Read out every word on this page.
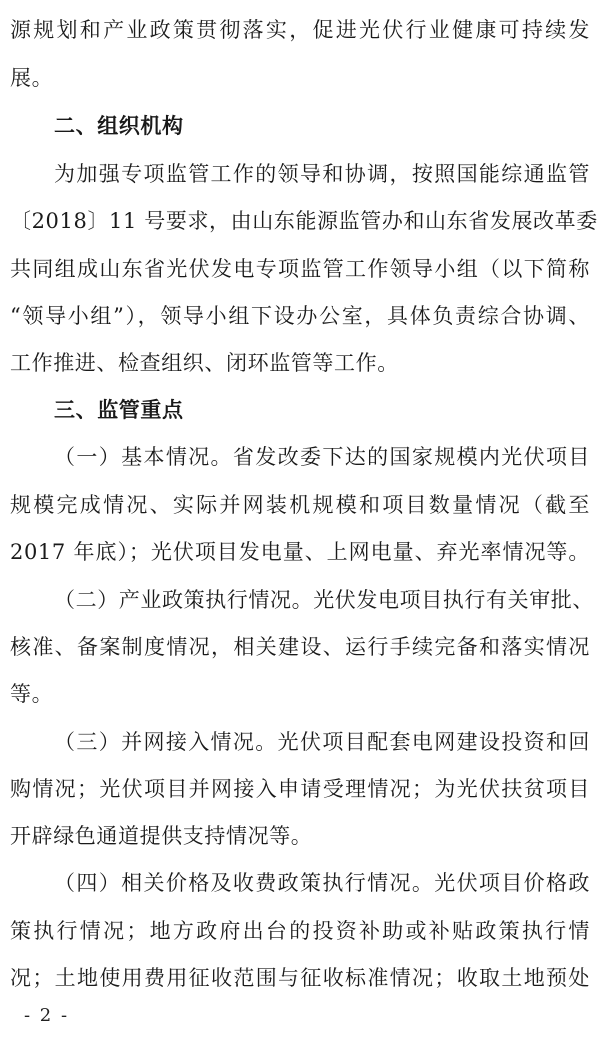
源规划和产业政策贯彻落实，促进光伏行业健康可持续发
展。
二、组织机构
为加强专项监管工作的领导和协调，按照国能综通监管
〔2018〕11 号要求，由山东能源监管办和山东省发展改革委
共同组成山东省光伏发电专项监管工作领导小组（以下简称
“领导小组”），领导小组下设办公室，具体负责综合协调、
工作推进、检查组织、闭环监管等工作。
三、监管重点
（一）基本情况。省发改委下达的国家规模内光伏项目
规模完成情况、实际并网装机规模和项目数量情况（截至
2017 年底）；光伏项目发电量、上网电量、弃光率情况等。
（二）产业政策执行情况。光伏发电项目执行有关审批、
核准、备案制度情况，相关建设、运行手续完备和落实情况
等。
（三）并网接入情况。光伏项目配套电网建设投资和回
购情况；光伏项目并网接入申请受理情况；为光伏扶贫项目
开辟绿色通道提供支持情况等。
（四）相关价格及收费政策执行情况。光伏项目价格政
策执行情况；地方政府出台的投资补助或补贴政策执行情
况；土地使用费用征收范围与征收标准情况；收取土地预处
- 2 -
